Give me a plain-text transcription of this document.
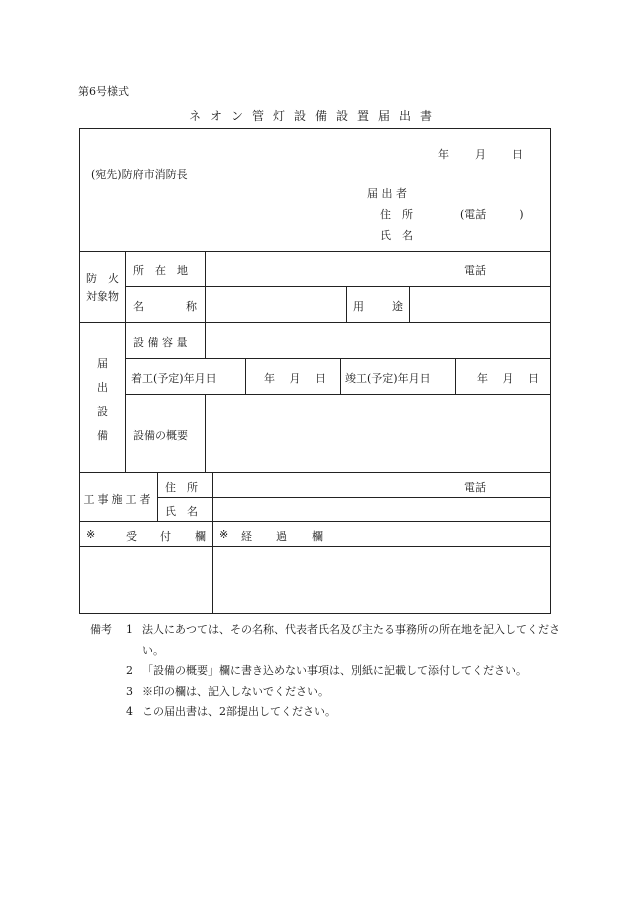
第6号様式
ネオン管灯設備設置届出書
年 月 日
(宛先)防府市消防長
届 出 者
住　所	(電話　　　)
氏　名
防　火
対象物
所　在　地	電話
名	称	用	途
届
出
設
備
設 備 容 量
着工(予定)年月日	年　 月　 日 竣工(予定)年月日	年　 月　 日
設備の概要
工事施工者
住　所	電話
氏　名
※	受 付 欄 ※ 経 過 欄
備考	1 法人にあつては、その名称、代表者氏名及び主たる事務所の所在地を記入してください。
2 「設備の概要」欄に書き込めない事項は、別紙に記載して添付してください。
3 ※印の欄は、記入しないでください。
4 この届出書は、2部提出してください。
